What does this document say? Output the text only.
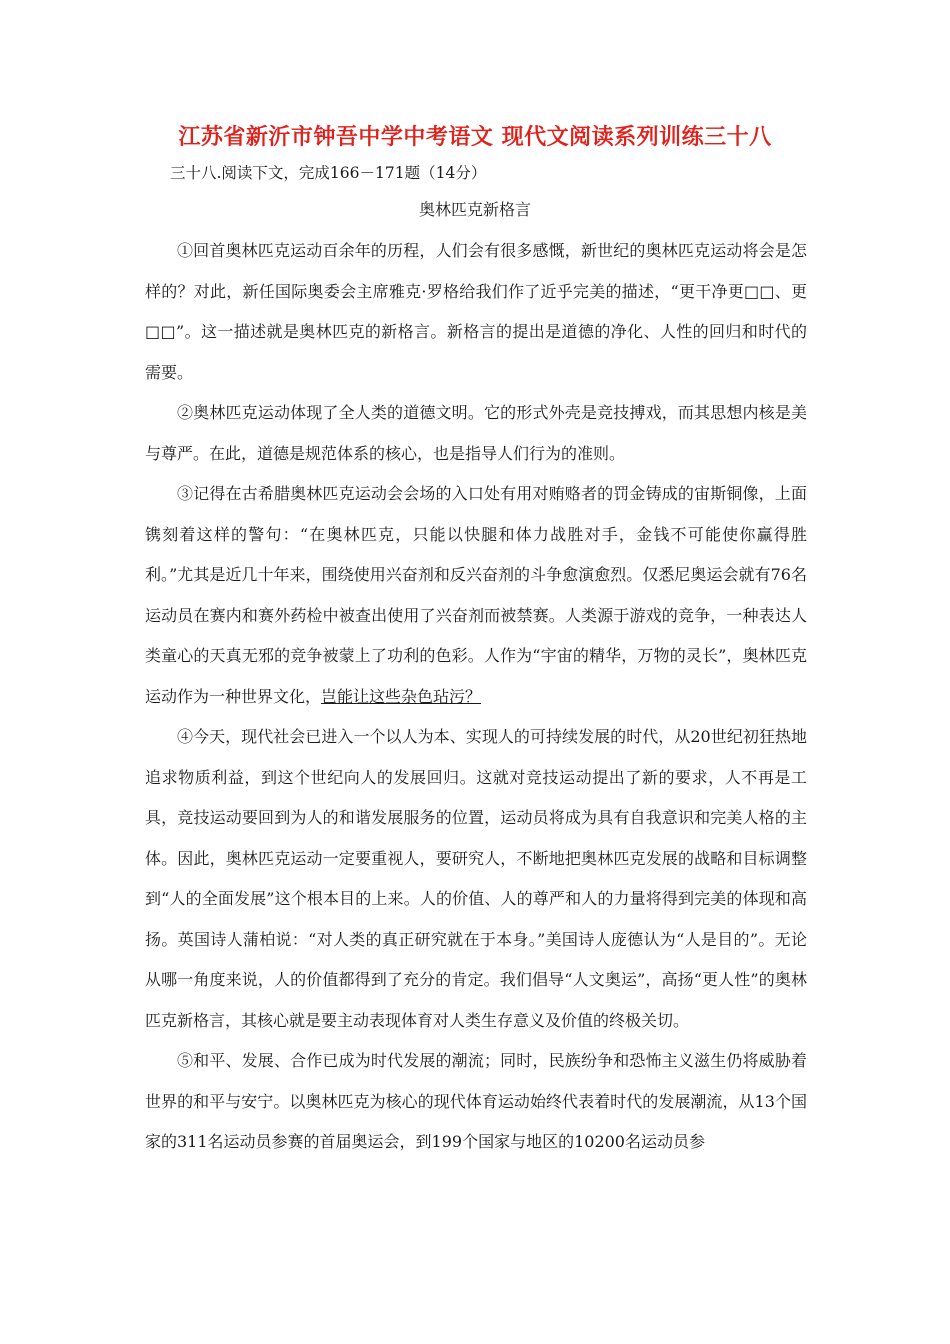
江苏省新沂市钟吾中学中考语文 现代文阅读系列训练三十八
三十八.阅读下文，完成166－171题（14分）
奥林匹克新格言

①回首奥林匹克运动百余年的历程，人们会有很多感慨，新世纪的奥林匹克运动将会是怎样的？对此，新任国际奥委会主席雅克·罗格给我们作了近乎完美的描述，“更干净更□□、更□□”。这一描述就是奥林匹克的新格言。新格言的提出是道德的净化、人性的回归和时代的需要。

②奥林匹克运动体现了全人类的道德文明。它的形式外壳是竞技搏戏，而其思想内核是美与尊严。在此，道德是规范体系的核心，也是指导人们行为的准则。

③记得在古希腊奥林匹克运动会会场的入口处有用对贿赂者的罚金铸成的宙斯铜像，上面镌刻着这样的警句：“在奥林匹克，只能以快腿和体力战胜对手，金钱不可能使你赢得胜利。”尤其是近几十年来，围绕使用兴奋剂和反兴奋剂的斗争愈演愈烈。仅悉尼奥运会就有76名运动员在赛内和赛外药检中被查出使用了兴奋剂而被禁赛。人类源于游戏的竞争，一种表达人类童心的天真无邪的竞争被蒙上了功利的色彩。人作为“宇宙的精华，万物的灵长”，奥林匹克运动作为一种世界文化，岂能让这些杂色玷污？

④今天，现代社会已进入一个以人为本、实现人的可持续发展的时代，从20世纪初狂热地追求物质利益，到这个世纪向人的发展回归。这就对竞技运动提出了新的要求，人不再是工具，竞技运动要回到为人的和谐发展服务的位置，运动员将成为具有自我意识和完美人格的主体。因此，奥林匹克运动一定要重视人，要研究人，不断地把奥林匹克发展的战略和目标调整到“人的全面发展”这个根本目的上来。人的价值、人的尊严和人的力量将得到完美的体现和高扬。英国诗人蒲柏说：“对人类的真正研究就在于本身。”美国诗人庞德认为“人是目的”。无论从哪一角度来说，人的价值都得到了充分的肯定。我们倡导“人文奥运”，高扬“更人性”的奥林匹克新格言，其核心就是要主动表现体育对人类生存意义及价值的终极关切。

⑤和平、发展、合作已成为时代发展的潮流；同时，民族纷争和恐怖主义滋生仍将威胁着世界的和平与安宁。以奥林匹克为核心的现代体育运动始终代表着时代的发展潮流，从13个国家的311名运动员参赛的首届奥运会，到199个国家与地区的10200名运动员参
